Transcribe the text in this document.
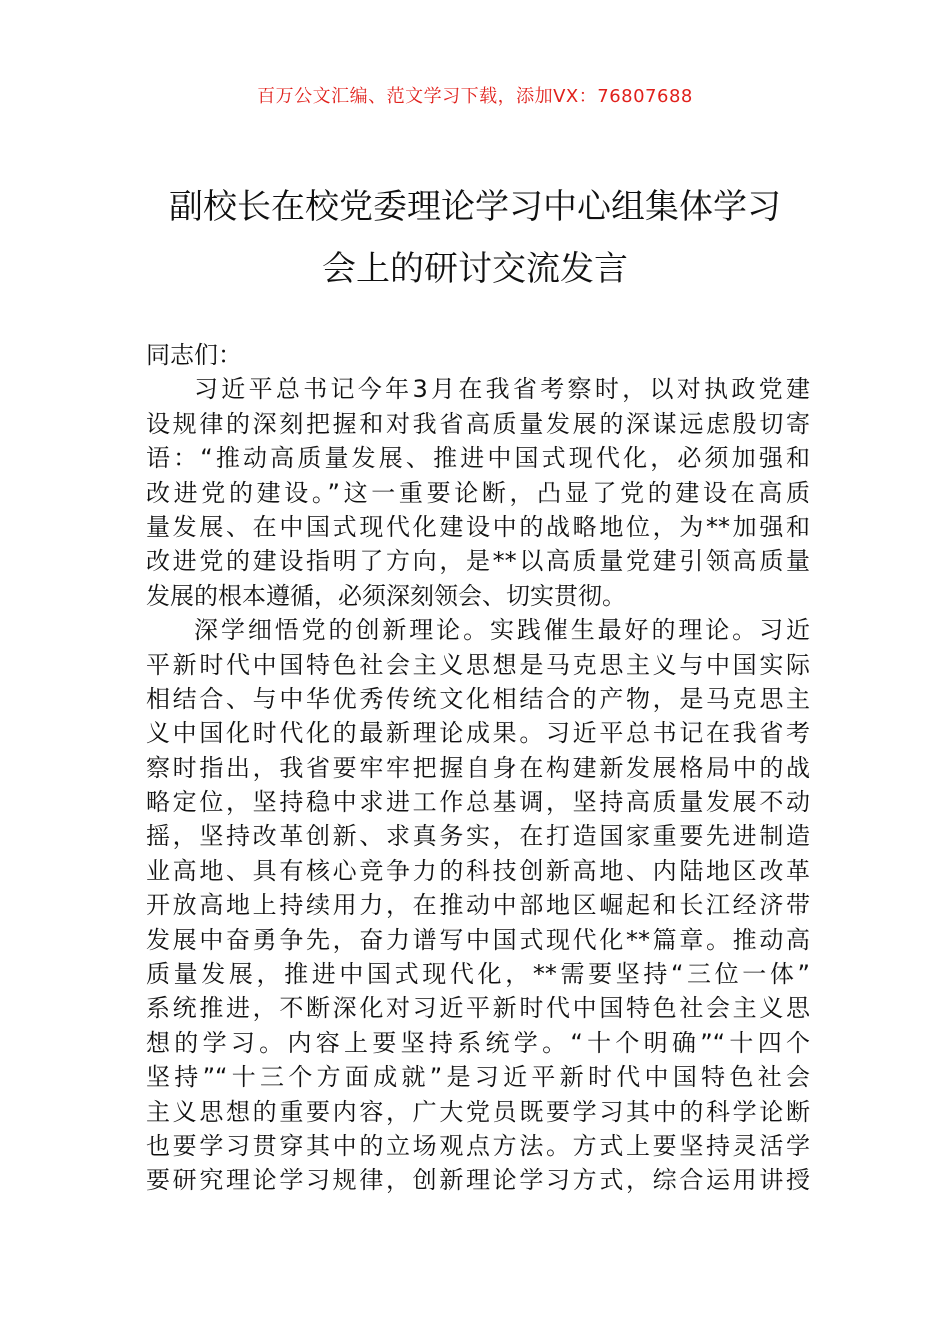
百万公文汇编、范文学习下载，添加VX：76807688
副校长在校党委理论学习中心组集体学习
会上的研讨交流发言

同志们：

习近平总书记今年3月在我省考察时，以对执政党建
设规律的深刻把握和对我省高质量发展的深谋远虑殷切寄
语：“推动高质量发展、推进中国式现代化，必须加强和
改进党的建设。”这一重要论断，凸显了党的建设在高质
量发展、在中国式现代化建设中的战略地位，为**加强和
改进党的建设指明了方向，是**以高质量党建引领高质量
发展的根本遵循，必须深刻领会、切实贯彻。

深学细悟党的创新理论。实践催生最好的理论。习近
平新时代中国特色社会主义思想是马克思主义与中国实际
相结合、与中华优秀传统文化相结合的产物，是马克思主
义中国化时代化的最新理论成果。习近平总书记在我省考
察时指出，我省要牢牢把握自身在构建新发展格局中的战
略定位，坚持稳中求进工作总基调，坚持高质量发展不动
摇，坚持改革创新、求真务实，在打造国家重要先进制造
业高地、具有核心竞争力的科技创新高地、内陆地区改革
开放高地上持续用力，在推动中部地区崛起和长江经济带
发展中奋勇争先，奋力谱写中国式现代化**篇章。推动高
质量发展，推进中国式现代化，**需要坚持“三位一体”
系统推进，不断深化对习近平新时代中国特色社会主义思
想的学习。内容上要坚持系统学。“十个明确”“十四个
坚持”“十三个方面成就”是习近平新时代中国特色社会
主义思想的重要内容，广大党员既要学习其中的科学论断
也要学习贯穿其中的立场观点方法。方式上要坚持灵活学
要研究理论学习规律，创新理论学习方式，综合运用讲授
